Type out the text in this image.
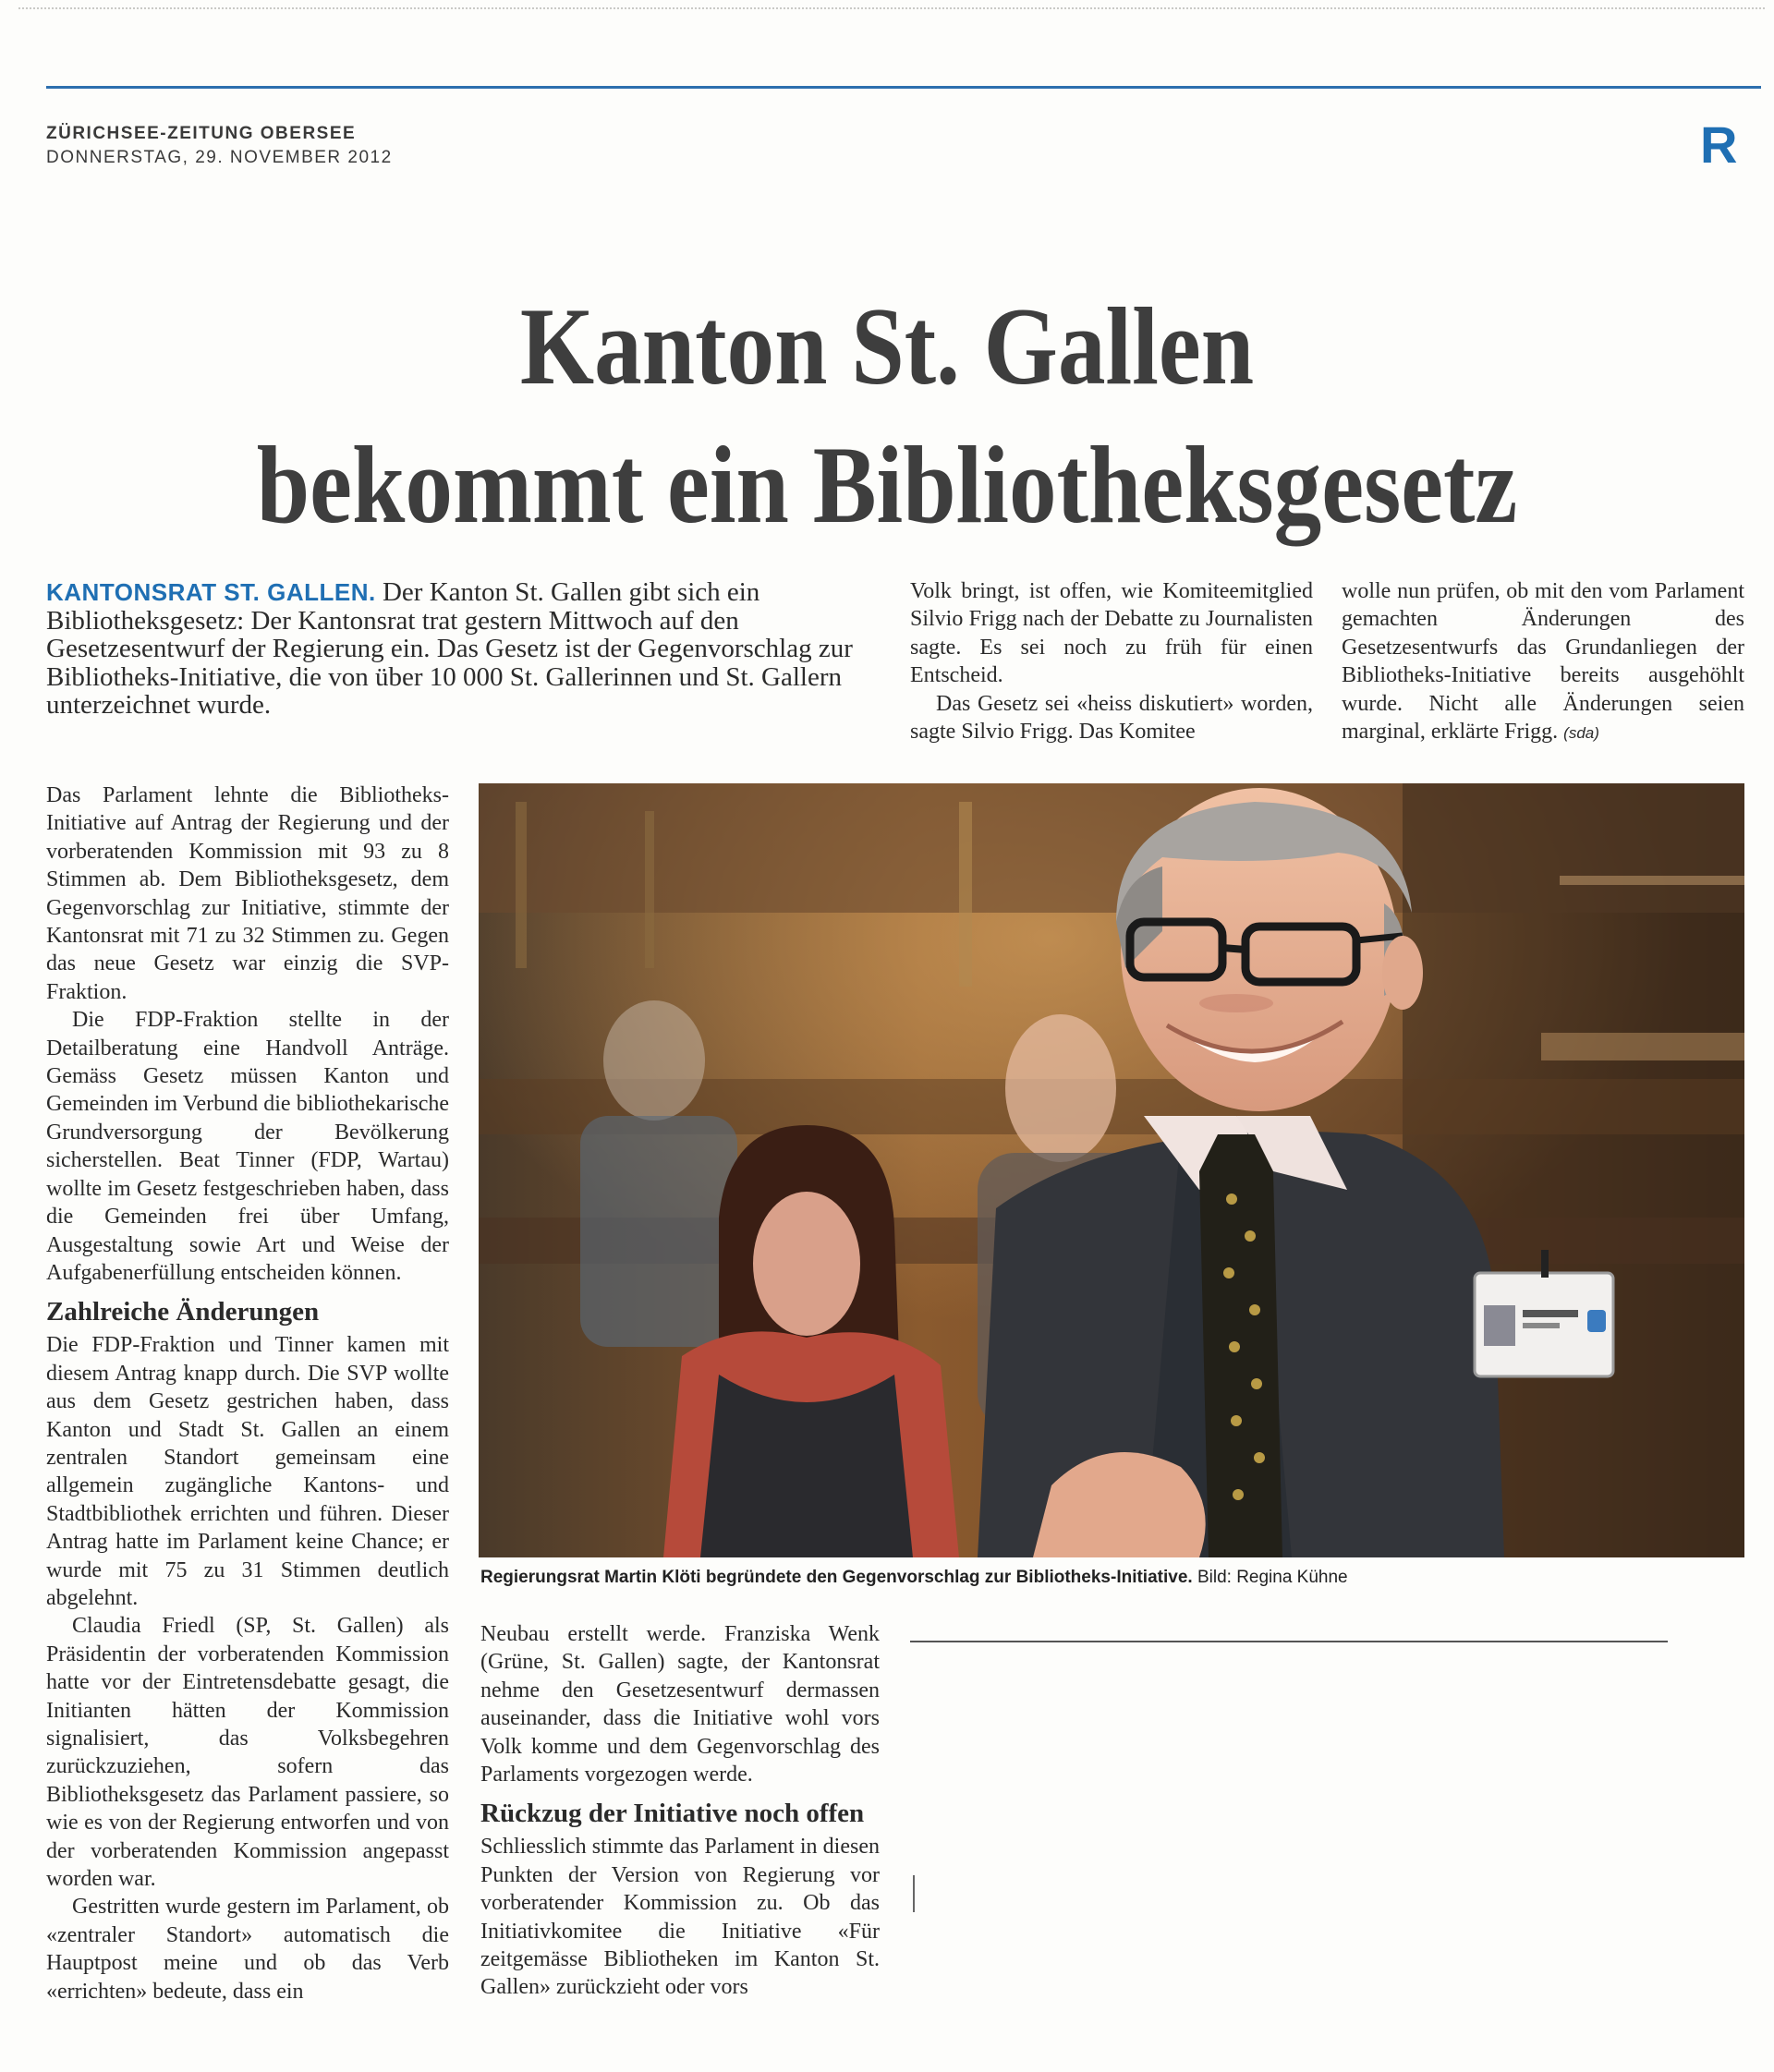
ZÜRICHSEE-ZEITUNG OBERSEE
DONNERSTAG, 29. NOVEMBER 2012	R
Kanton St. Gallen
bekommt ein Bibliotheksgesetz
KANTONSRAT ST. GALLEN. Der Kanton St. Gallen gibt sich ein Bibliotheksgesetz: Der Kantonsrat trat gestern Mittwoch auf den Gesetzesentwurf der Regierung ein. Das Gesetz ist der Gegenvorschlag zur Bibliotheks-Initiative, die von über 10 000 St. Gallerinnen und St. Gallern unterzeichnet wurde.

Volk bringt, ist offen, wie Komiteemitglied Silvio Frigg nach der Debatte zu Journalisten sagte. Es sei noch zu früh für einen Entscheid.

Das Gesetz sei «heiss diskutiert» worden, sagte Silvio Frigg. Das Komitee

wolle nun prüfen, ob mit den vom Parlament gemachten Änderungen des Gesetzesentwurfs das Grundanliegen der Bibliotheks-Initiative bereits ausgehöhlt wurde. Nicht alle Änderungen seien marginal, erklärte Frigg. (sda)

Das Parlament lehnte die Bibliotheks-Initiative auf Antrag der Regierung und der vorberatenden Kommission mit 93 zu 8 Stimmen ab. Dem Bibliotheksgesetz, dem Gegenvorschlag zur Initiative, stimmte der Kantonsrat mit 71 zu 32 Stimmen zu. Gegen das neue Gesetz war einzig die SVP-Fraktion.

Die FDP-Fraktion stellte in der Detailberatung eine Handvoll Anträge. Gemäss Gesetz müssen Kanton und Gemeinden im Verbund die bibliothekarische Grundversorgung der Bevölkerung sicherstellen. Beat Tinner (FDP, Wartau) wollte im Gesetz festgeschrieben haben, dass die Gemeinden frei über Umfang, Ausgestaltung sowie Art und Weise der Aufgabenerfüllung entscheiden können.

Zahlreiche Änderungen

Die FDP-Fraktion und Tinner kamen mit diesem Antrag knapp durch. Die SVP wollte aus dem Gesetz gestrichen haben, dass Kanton und Stadt St. Gallen an einem zentralen Standort gemeinsam eine allgemein zugängliche Kantons- und Stadtbibliothek errichten und führen. Dieser Antrag hatte im Parlament keine Chance; er wurde mit 75 zu 31 Stimmen deutlich abgelehnt.

Claudia Friedl (SP, St. Gallen) als Präsidentin der vorberatenden Kommission hatte vor der Eintretensdebatte gesagt, die Initianten hätten der Kommission signalisiert, das Volksbegehren zurückzuziehen, sofern das Bibliotheksgesetz das Parlament passiere, so wie es von der Regierung entworfen und von der vorberatenden Kommission angepasst worden war.

Gestritten wurde gestern im Parlament, ob «zentraler Standort» automatisch die Hauptpost meine und ob das Verb «errichten» bedeute, dass ein

Regierungsrat Martin Klöti begründete den Gegenvorschlag zur Bibliotheks-Initiative. Bild: Regina Kühne

Neubau erstellt werde. Franziska Wenk (Grüne, St. Gallen) sagte, der Kantonsrat nehme den Gesetzesentwurf dermassen auseinander, dass die Initiative wohl vors Volk komme und dem Gegenvorschlag des Parlaments vorgezogen werde.

Rückzug der Initiative noch offen

Schliesslich stimmte das Parlament in diesen Punkten der Version von Regierung vor vorberatender Kommission zu. Ob das Initiativkomitee die Initiative «Für zeitgemässe Bibliotheken im Kanton St. Gallen» zurückzieht oder vors
